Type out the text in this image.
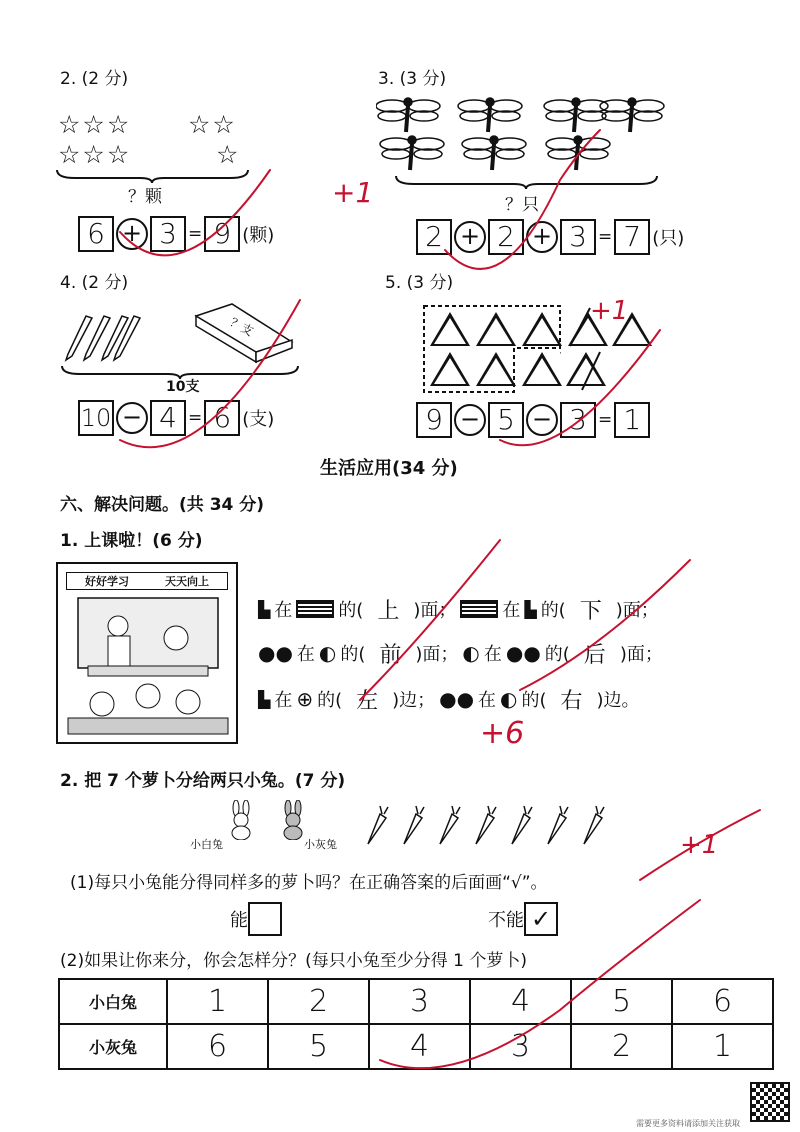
2. (2 分)
☆☆☆
☆☆☆
☆☆
☆
？颗
6 + 3 = 9 (颗)
3. (3 分)
？只
2 + 2 + 3 = 7 (只)
4. (2 分)
？支
10支
10 − 4 = 6 (支)
5. (3 分)
9 − 5 − 3 = 1
生活应用(34 分)
六、解决问题。(共 34 分)
1. 上课啦！(6 分)
好好学习	天天向上
▙ 在	的( 上 )面；	在 ▙ 的( 下 )面；
●● 在 ◐ 的( 前 )面； ◐ 在 ●● 的( 后 )面；
▙ 在 ⊕ 的( 左 )边； ●● 在 ◐ 的( 右 )边。
2. 把 7 个萝卜分给两只小兔。(7 分)
小白兔	小灰兔
(1)每只小兔能分得同样多的萝卜吗？在正确答案的后面画“√”。
能	不能 ✓
(2)如果让你来分，你会怎样分？(每只小兔至少分得 1 个萝卜)
小白兔	1	2	3	4	5	6
小灰兔	6	5	4	3	2	1
+1
+1
+6
+1
需要更多资料请添加关注获取
